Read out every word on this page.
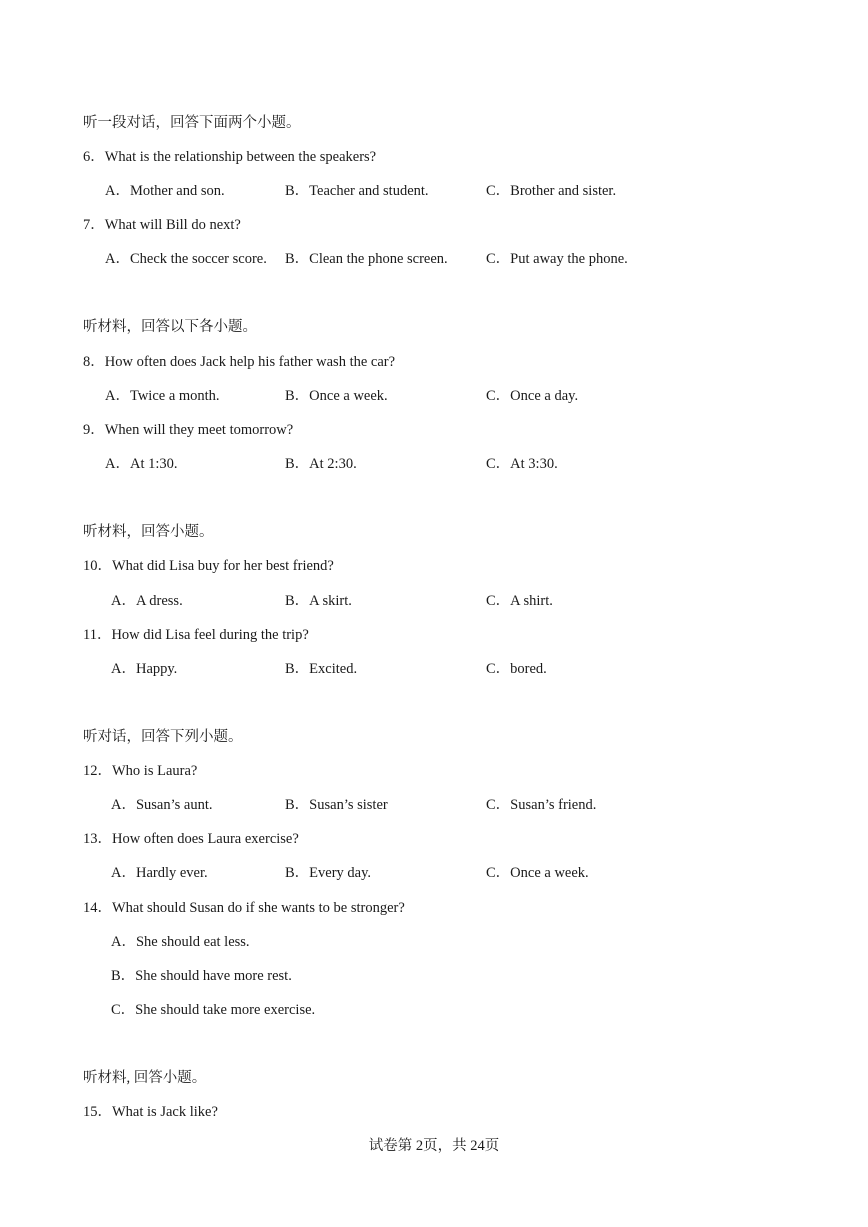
听一段对话，回答下面两个小题。
6．What is the relationship between the speakers?
A．Mother and son.	B．Teacher and student.	C．Brother and sister.
7．What will Bill do next?
A．Check the soccer score. B．Clean the phone screen.	C．Put away the phone.
听材料，回答以下各小题。
8．How often does Jack help his father wash the car?
A．Twice a month.	B．Once a week.	C．Once a day.
9．When will they meet tomorrow?
A．At 1:30.	B．At 2:30.	C．At 3:30.
听材料，回答小题。
10．What did Lisa buy for her best friend?
A．A dress.	B．A skirt.	C．A shirt.
11．How did Lisa feel during the trip?
A．Happy.	B．Excited.	C．bored.
听对话，回答下列小题。
12．Who is Laura?
A．Susan’s aunt.	B．Susan’s sister	C．Susan’s friend.
13．How often does Laura exercise?
A．Hardly ever.	B．Every day.	C．Once a week.
14．What should Susan do if she wants to be stronger?
A．She should eat less.
B．She should have more rest.
C．She should take more exercise.
听材料, 回答小题。
15．What is Jack like?
试卷第 2页，共 24页
